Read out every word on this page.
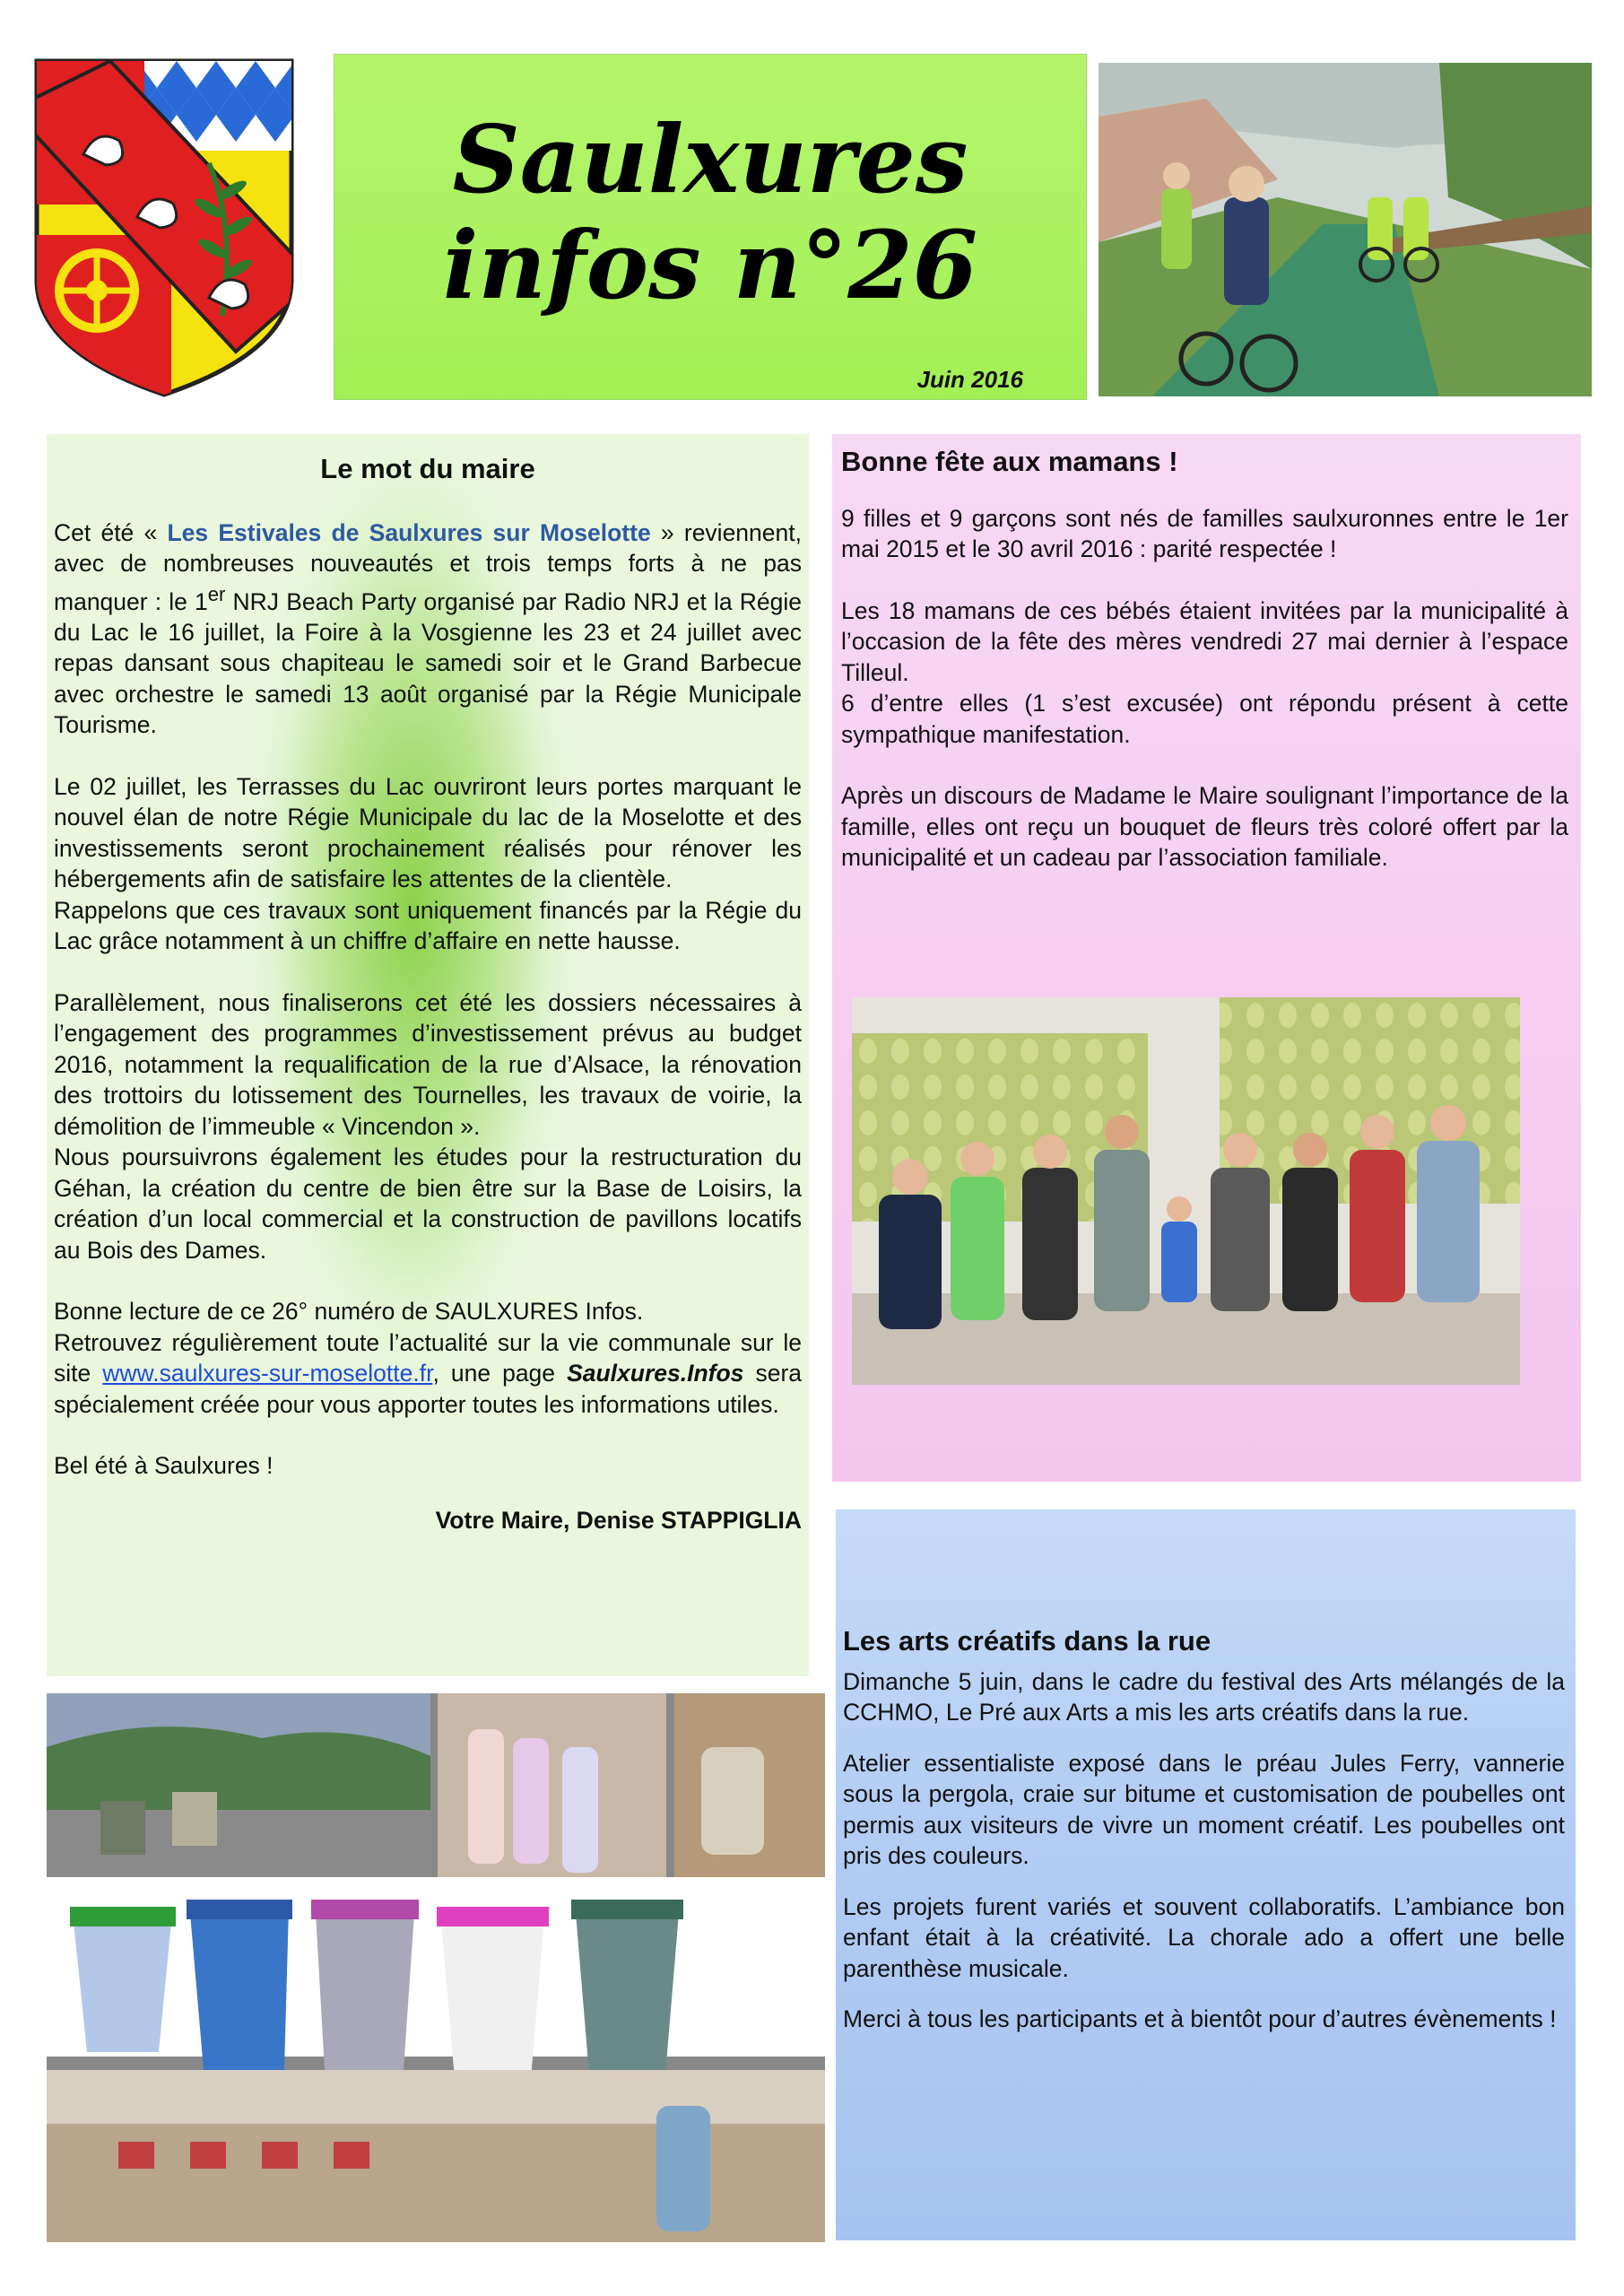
Saulxures
infos n°26
Juin 2016
Le mot du maire

Cet été « Les Estivales de Saulxures sur Moselotte » reviennent, avec de nombreuses nouveautés et trois temps forts à ne pas manquer : le 1er NRJ Beach Party organisé par Radio NRJ et la Régie du Lac le 16 juillet, la Foire à la Vosgienne les 23 et 24 juillet avec repas dansant sous chapiteau le samedi soir et le Grand Barbecue avec orchestre le samedi 13 août organisé par la Régie Municipale Tourisme.

Le 02 juillet, les Terrasses du Lac ouvriront leurs portes marquant le nouvel élan de notre Régie Municipale du lac de la Moselotte et des investissements seront prochainement réalisés pour rénover les hébergements afin de satisfaire les attentes de la clientèle.

Rappelons que ces travaux sont uniquement financés par la Régie du Lac grâce notamment à un chiffre d’affaire en nette hausse.

Parallèlement, nous finaliserons cet été les dossiers nécessaires à l’engagement des programmes d’investissement prévus au budget 2016, notamment la requalification de la rue d’Alsace, la rénovation des trottoirs du lotissement des Tournelles, les travaux de voirie, la démolition de l’immeuble « Vincendon ».

Nous poursuivrons également les études pour la restructuration du Géhan, la création du centre de bien être sur la Base de Loisirs, la création d’un local commercial et la construction de pavillons locatifs au Bois des Dames.

Bonne lecture de ce 26° numéro de SAULXURES Infos.

Retrouvez régulièrement toute l’actualité sur la vie communale sur le site www.saulxures-sur-moselotte.fr, une page Saulxures.Infos sera spécialement créée pour vous apporter toutes les informations utiles.

Bel été à Saulxures !

Votre Maire, Denise STAPPIGLIA

Bonne fête aux mamans !

9 filles et 9 garçons sont nés de familles saulxuronnes entre le 1er mai 2015 et le 30 avril 2016 : parité respectée !

Les 18 mamans de ces bébés étaient invitées par la municipalité à l’occasion de la fête des mères vendredi 27 mai dernier à l’espace Tilleul.

6 d’entre elles (1 s’est excusée) ont répondu présent à cette sympathique manifestation.

Après un discours de Madame le Maire soulignant l’importance de la famille, elles ont reçu un bouquet de fleurs très coloré offert par la municipalité et un cadeau par l’association familiale.

Les arts créatifs dans la rue

Dimanche 5 juin, dans le cadre du festival des Arts mélangés de la CCHMO, Le Pré aux Arts a mis les arts créatifs dans la rue.

Atelier essentialiste exposé dans le préau Jules Ferry, vannerie sous la pergola, craie sur bitume et customisation de poubelles ont permis aux visiteurs de vivre un moment créatif. Les poubelles ont pris des couleurs.

Les projets furent variés et souvent collaboratifs. L’ambiance bon enfant était à la créativité. La chorale ado a offert une belle parenthèse musicale.

Merci à tous les participants et à bientôt pour d’autres évènements !
